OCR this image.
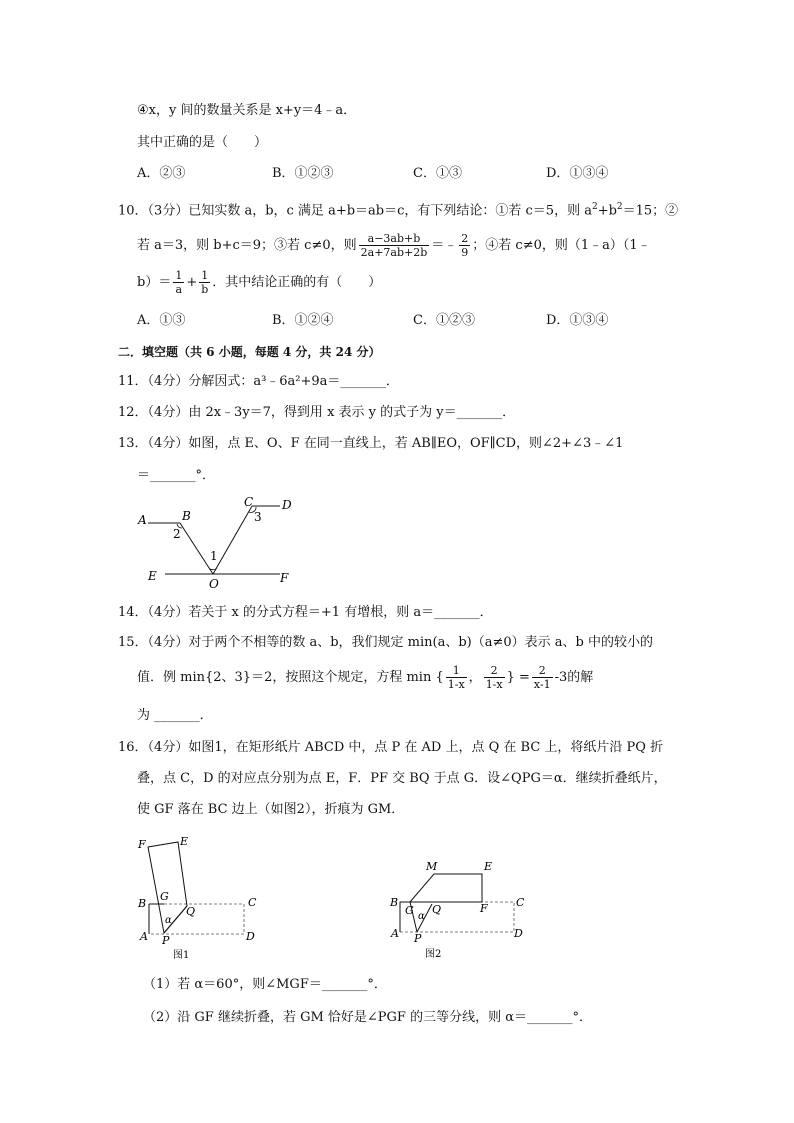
④x，y 间的数量关系是 x+y＝4﹣a．
其中正确的是（　　）
A．②③	B．①②③	C．①③	D．①③④
10．（3分）已知实数 a，b，c 满足 a+b＝ab＝c，有下列结论：①若 c＝5，则 $a^2+b^2=15$；②
若 a＝3，则 b+c＝9；③若 c≠0，则 $\frac{a-3ab+b}{2a+7ab+2b}$ ＝﹣ $\frac{2}{9}$ ；④若 c≠0，则（1﹣a）（1﹣
$b)= \frac{1}{a} + \frac{1}{b}$ ．其中结论正确的有（　　）
A．①③	B．①②④	C．①②③	D．①③④
二．填空题（共 6 小题，每题 4 分，共 24 分）
11．（4分）分解因式：a³﹣6a²+9a＝_______．
12．（4分）由 2x﹣3y＝7，得到用 x 表示 y 的式子为 y＝_______．
13．（4分）如图，点 E、O、F 在同一直线上，若 AB∥EO，OF∥CD，则∠2+∠3﹣∠1
＝_______°．
A	B
2
1
C
3
D
E
O	F
14．（4分）若关于 x 的分式方程＝+1 有增根，则 a＝_______．
15．（4分）对于两个不相等的数 a、b，我们规定 min(a、b)（a≠0）表示 a、b 中的较小的
值．例 min{2、3}＝2，按照这个规定，方程 min { $\frac{1}{1-x}$ ， $\frac{2}{1-x}$ } = $\frac{2}{x-1} -3$的解
为 _______．
16．（4分）如图1，在矩形纸片 ABCD 中，点 P 在 AD 上，点 Q 在 BC 上，将纸片沿 PQ 折
叠，点 C，D 的对应点分别为点 E，F．PF 交 BQ 于点 G．设∠QPG＝α．继续折叠纸片，
使 GF 落在 BC 边上（如图2），折痕为 GM．
F	E
G
B
α
Q
C
A P	D
图1
M	E
B
G Q	F	C
α
A P	D
图2
（1）若 α＝60°，则∠MGF＝_______°．
（2）沿 GF 继续折叠，若 GM 恰好是∠PGF 的三等分线，则 α＝_______°．
